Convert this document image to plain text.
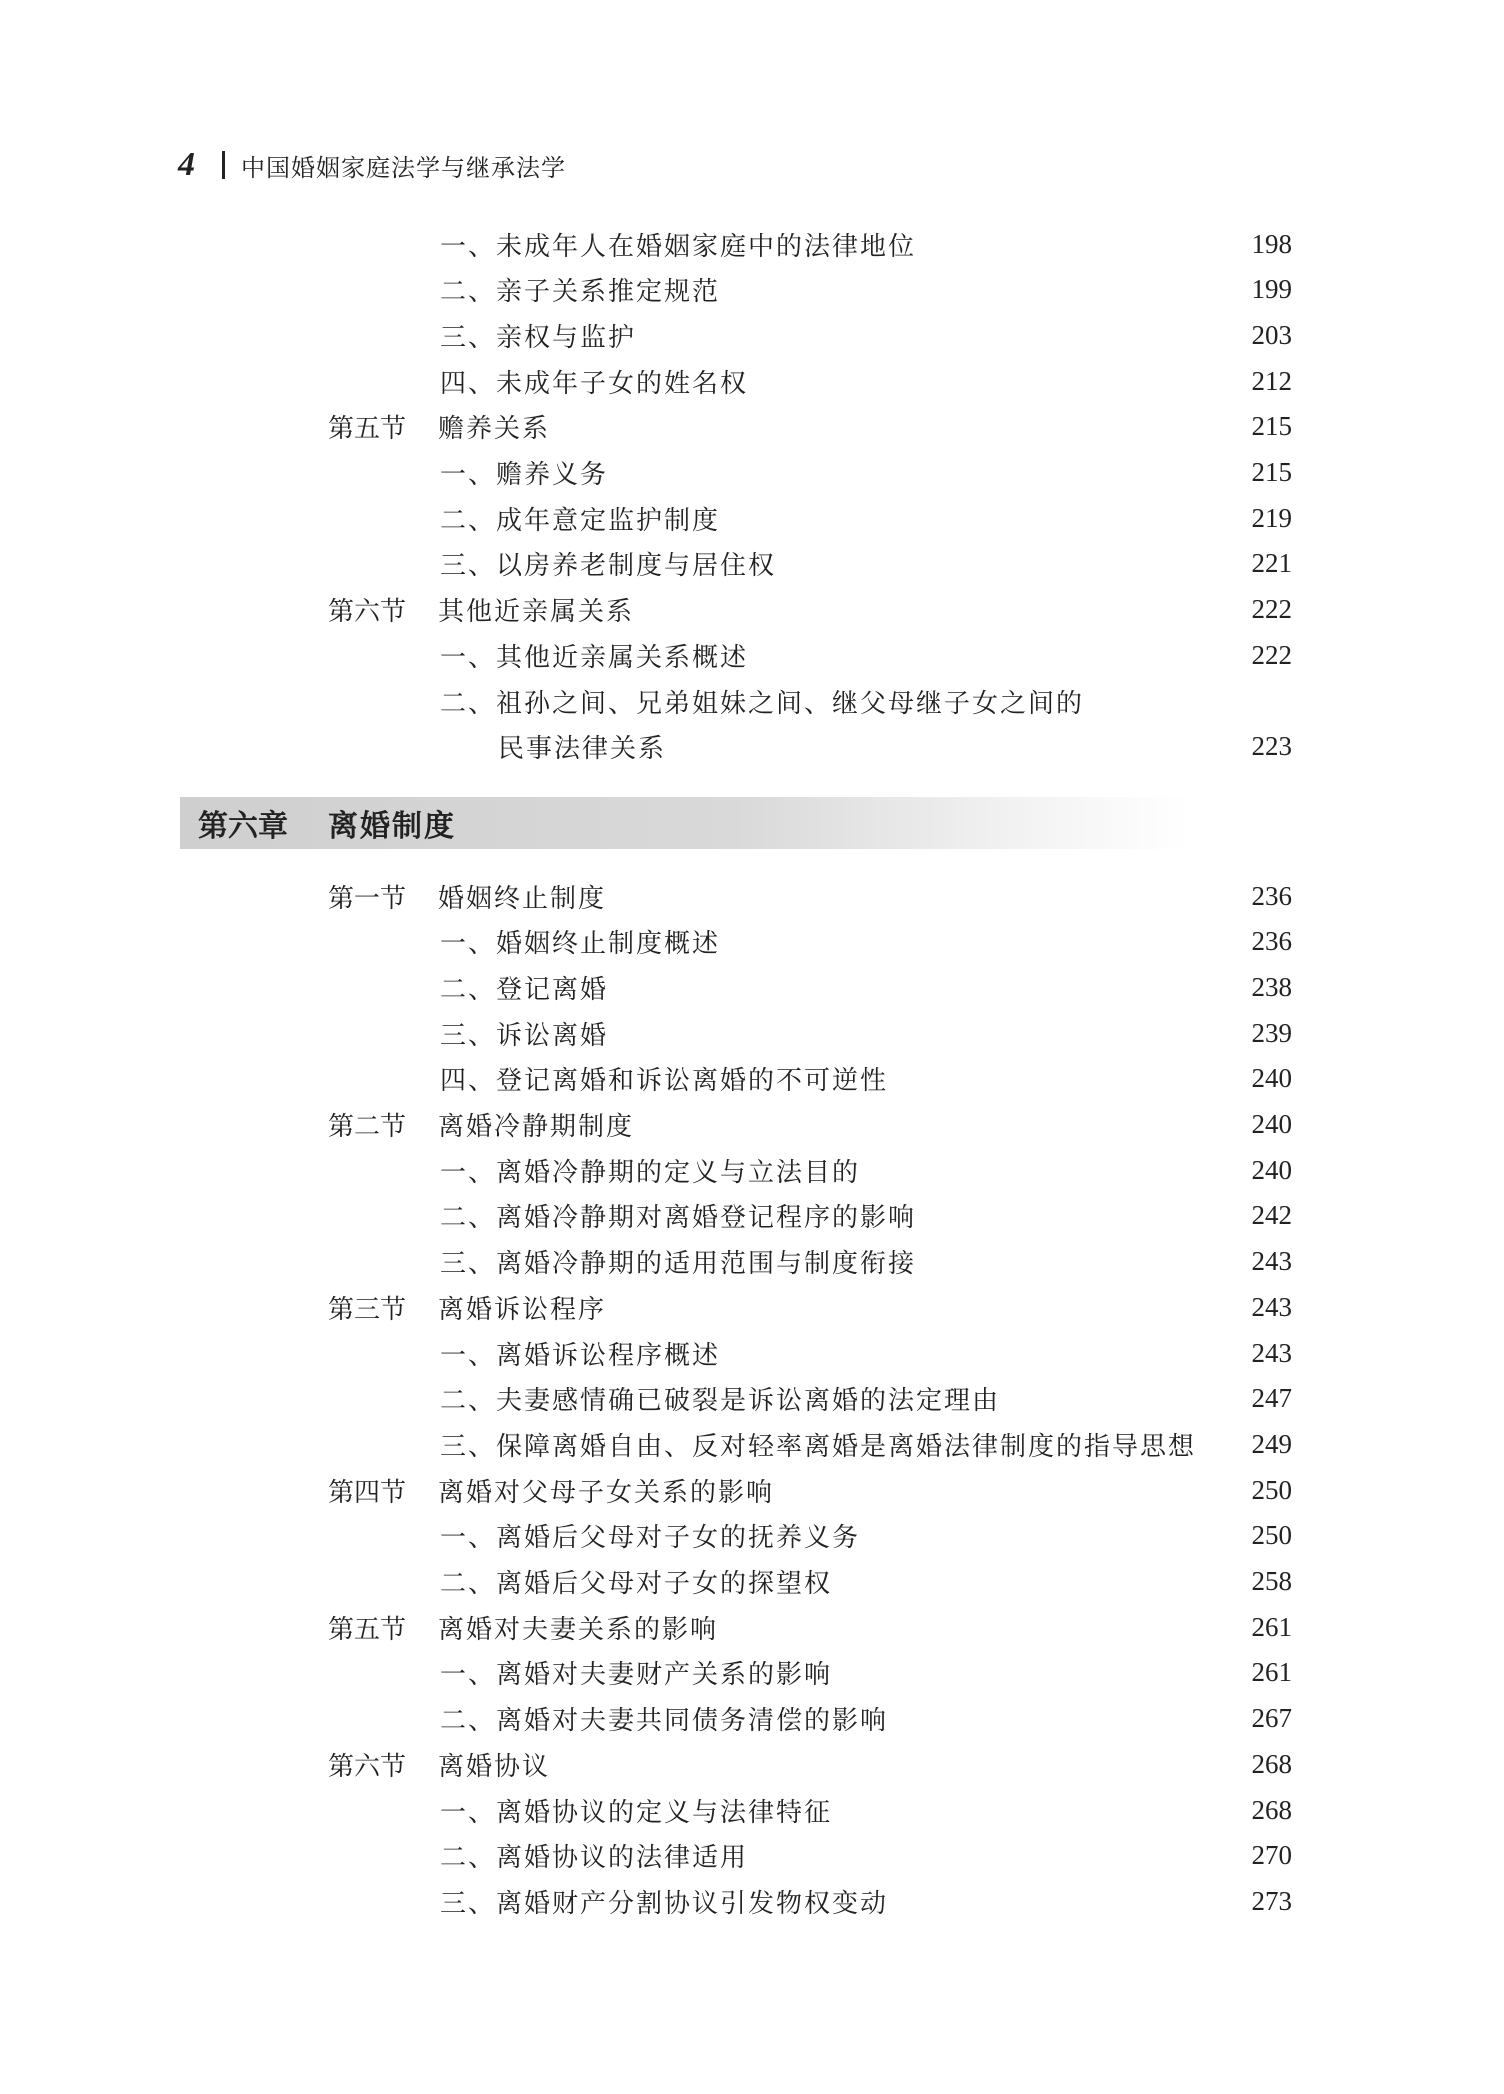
4	中国婚姻家庭法学与继承法学
一、未成年人在婚姻家庭中的法律地位	198
二、亲子关系推定规范	199
三、亲权与监护	203
四、未成年子女的姓名权	212
第五节	赡养关系	215
一、赡养义务	215
二、成年意定监护制度	219
三、以房养老制度与居住权	221
第六节	其他近亲属关系	222
一、其他近亲属关系概述	222
二、祖孙之间、兄弟姐妹之间、继父母继子女之间的
民事法律关系	223
第六章	离婚制度
第一节	婚姻终止制度	236
一、婚姻终止制度概述	236
二、登记离婚	238
三、诉讼离婚	239
四、登记离婚和诉讼离婚的不可逆性	240
第二节	离婚冷静期制度	240
一、离婚冷静期的定义与立法目的	240
二、离婚冷静期对离婚登记程序的影响	242
三、离婚冷静期的适用范围与制度衔接	243
第三节	离婚诉讼程序	243
一、离婚诉讼程序概述	243
二、夫妻感情确已破裂是诉讼离婚的法定理由	247
三、保障离婚自由、反对轻率离婚是离婚法律制度的指导思想 249
第四节	离婚对父母子女关系的影响	250
一、离婚后父母对子女的抚养义务	250
二、离婚后父母对子女的探望权	258
第五节	离婚对夫妻关系的影响	261
一、离婚对夫妻财产关系的影响	261
二、离婚对夫妻共同债务清偿的影响	267
第六节	离婚协议	268
一、离婚协议的定义与法律特征	268
二、离婚协议的法律适用	270
三、离婚财产分割协议引发物权变动	273
